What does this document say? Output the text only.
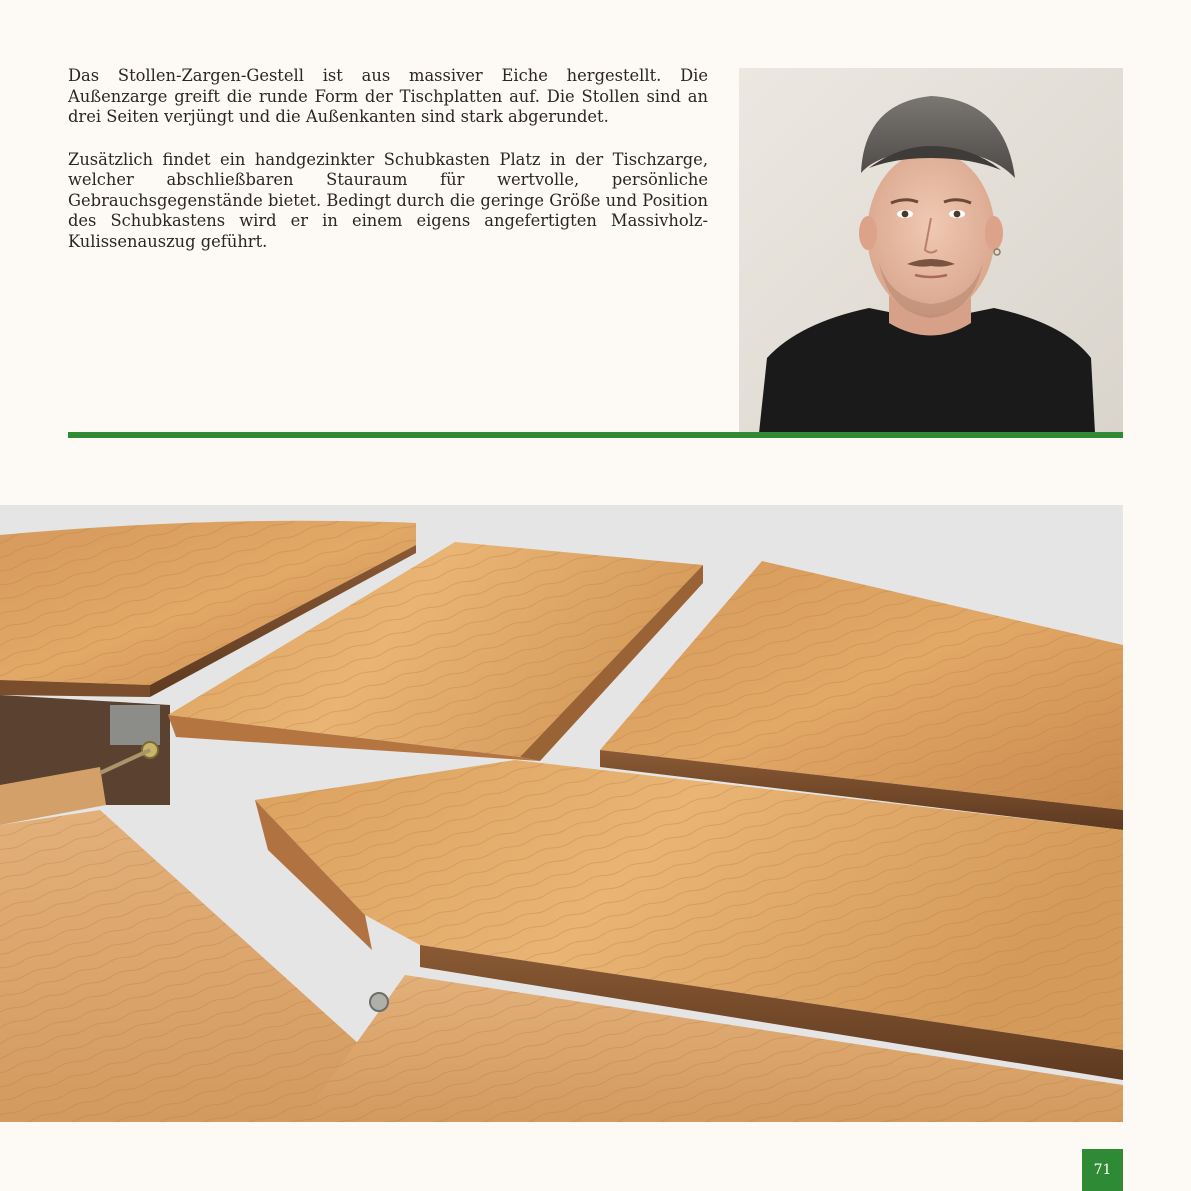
Das Stollen-Zargen-Gestell ist aus massiver Eiche hergestellt. Die Außenzarge greift die runde Form der Tischplatten auf. Die Stollen sind an drei Seiten verjüngt und die Außenkanten sind stark abgerundet.

Zusätzlich findet ein handgezinkter Schubkasten Platz in der Tischzarge, welcher abschließbaren Stauraum für wertvolle, persönliche Gebrauchsgegenstände bietet. Bedingt durch die geringe Größe und Position des Schubkastens wird er in einem eigens angefertigten Massivholz-Kulissenauszug geführt.

71
